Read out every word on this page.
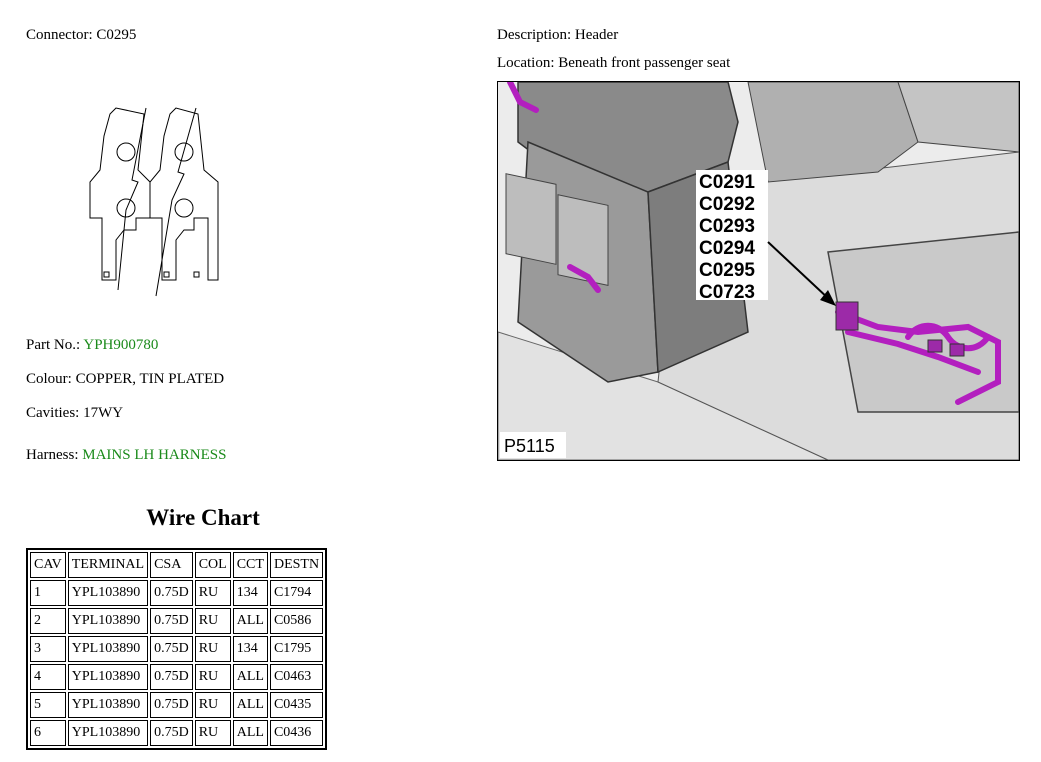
Connector: C0295	Description: Header
Location: Beneath front passenger seat
Part No.: YPH900780
Colour: COPPER, TIN PLATED
Cavities: 17WY
Harness: MAINS LH HARNESS
Wire Chart
CAV	TERMINAL	CSA	COL	CCT	DESTN
1	YPL103890	0.75D	RU	134	C1794
2	YPL103890	0.75D	RU	ALL	C0586
3	YPL103890	0.75D	RU	134	C1795
4	YPL103890	0.75D	RU	ALL	C0463
5	YPL103890	0.75D	RU	ALL	C0435
6	YPL103890	0.75D	RU	ALL	C0436
C0291
C0292
C0293
C0294
C0295
C0723
P5115
